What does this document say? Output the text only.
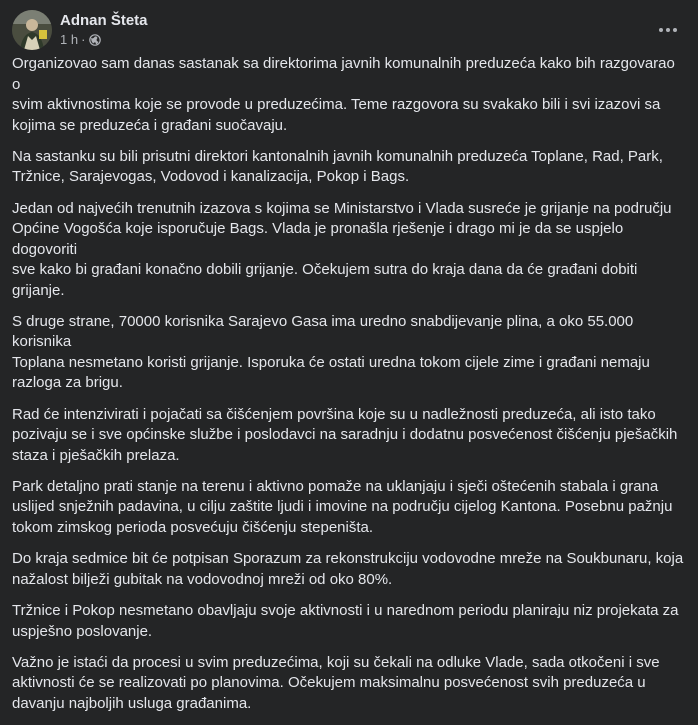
Adnan Šteta
1 h ·

Organizovao sam danas sastanak sa direktorima javnih komunalnih preduzeća kako bih razgovarao o
svim aktivnostima koje se provode u preduzećima. Teme razgovora su svakako bili i svi izazovi sa
kojima se preduzeća i građani suočavaju.

Na sastanku su bili prisutni direktori kantonalnih javnih komunalnih preduzeća Toplane, Rad, Park,
Tržnice, Sarajevogas, Vodovod i kanalizacija, Pokop i Bags.

Jedan od najvećih trenutnih izazova s kojima se Ministarstvo i Vlada susreće je grijanje na području
Općine Vogošća koje isporučuje Bags. Vlada je pronašla rješenje i drago mi je da se uspjelo dogovoriti
sve kako bi građani konačno dobili grijanje. Očekujem sutra do kraja dana da će građani dobiti
grijanje.

S druge strane, 70000 korisnika Sarajevo Gasa ima uredno snabdijevanje plina, a oko 55.000 korisnika
Toplana nesmetano koristi grijanje. Isporuka će ostati uredna tokom cijele zime i građani nemaju
razloga za brigu.

Rad će intenzivirati i pojačati sa čišćenjem površina koje su u nadležnosti preduzeća, ali isto tako
pozivaju se i sve općinske službe i poslodavci na saradnju i dodatnu posvećenost čišćenju pješačkih
staza i pješačkih prelaza.

Park detaljno prati stanje na terenu i aktivno pomaže na uklanjaju i sječi oštećenih stabala i grana
uslijed snježnih padavina, u cilju zaštite ljudi i imovine na području cijelog Kantona. Posebnu pažnju
tokom zimskog perioda posvećuju čišćenju stepeništa.

Do kraja sedmice bit će potpisan Sporazum za rekonstrukciju vodovodne mreže na Soukbunaru, koja
nažalost bilježi gubitak na vodovodnoj mreži od oko 80%.

Tržnice i Pokop nesmetano obavljaju svoje aktivnosti i u narednom periodu planiraju niz projekata za
uspješno poslovanje.

Važno je istaći da procesi u svim preduzećima, koji su čekali na odluke Vlade, sada otkočeni i sve
aktivnosti će se realizovati po planovima. Očekujem maksimalnu posvećenost svih preduzeća u
davanju najboljih usluga građanima.
